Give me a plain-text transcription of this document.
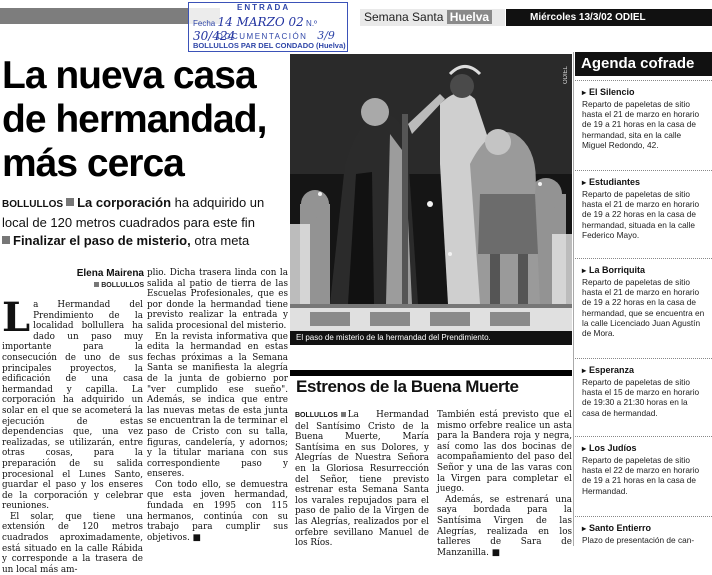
Semana Santa Huelva	Miércoles 13/3/02 ODIEL INFORMACIÓN 13
ENTRADA
Fecha 14 MARZO 02 N.º 30/424
DOCUMENTACIÓN 3/9
BOLLULLOS PAR DEL CONDADO (Huelva)
La nueva casa de hermandad, más cerca
BOLLULLOS La corporación ha adquirido un local de 120 metros cuadrados para este fin
Finalizar el paso de misterio, otra meta
Elena Mairena
BOLLULLOS

La Hermandad del Prendimiento de la localidad bollullera ha dado un paso muy importante para la consecución de uno de sus principales proyectos, la edificación de una casa hermandad y capilla. La corporación ha adquirido un solar en el que se acometerá la ejecución de estas dependencias que, una vez realizadas, se utilizarán, entre otras cosas, para la preparación de su salida procesional el Lunes Santo, guardar el paso y los enseres de la corporación y celebrar reuniones.

El solar, que tiene una extensión de 120 metros cuadrados aproximadamente, está situado en la calle Rábida y corresponde a la trasera de un local más am-

plio. Dicha trasera linda con la salida al patio de tierra de las Escuelas Profesionales, que es por donde la hermandad tiene previsto realizar la entrada y salida procesional del misterio.

En la revista informativa que edita la hermandad en estas fechas próximas a la Semana Santa se manifiesta la alegría de la junta de gobierno por "ver cumplido ese sueño". Además, se indica que entre las nuevas metas de esta junta se encuentran la de terminar el paso de Cristo con su talla, figuras, candelería, y adornos; y la titular mariana con sus correspondiente paso y enseres.

Con todo ello, se demuestra que esta joven hermandad, fundada en 1995 con 115 hermanos, continúa con su trabajo para cumplir sus objetivos. ■

ODIEL
El paso de misterio de la hermandad del Prendimiento.
Estrenos de la Buena Muerte

BOLLULLOS La Hermandad del Santísimo Cristo de la Buena Muerte, María Santísima en sus Dolores, y Alegrías de Nuestra Señora en la Gloriosa Resurrección del Señor, tiene previsto estrenar esta Semana Santa los varales repujados para el paso de palio de la Virgen de las Alegrías, realizados por el orfebre sevillano Manuel de los Ríos.

También está previsto que el mismo orfebre realice un asta para la Bandera roja y negra, así como las dos bocinas de acompañamiento del paso del Señor y una de las varas con la Virgen para completar el juego.

Además, se estrenará una saya bordada para la Santísima Virgen de las Alegrías, realizada en los talleres de Sara de Manzanilla. ■

Agenda cofrade
▸ El Silencio
Reparto de papeletas de sitio hasta el 21 de marzo en horario de 19 a 21 horas en la casa de hermandad, sita en la calle Miguel Redondo, 42.
▸ Estudiantes
Reparto de papeletas de sitio hasta el 21 de marzo en horario de 19 a 22 horas en la casa de hermandad, situada en la calle Federico Mayo.
▸ La Borriquita
Reparto de papeletas de sitio hasta el 21 de marzo en horario de 19 a 22 horas en la casa de hermandad, que se encuentra en la calle Licenciado Juan Agustín de Mora.
▸ Esperanza
Reparto de papeletas de sitio hasta el 15 de marzo en horario de 19:30 a 21:30 horas en la casa de hermandad.
▸ Los Judíos
Reparto de papeletas de sitio hasta el 22 de marzo en horario de 19 a 21 horas en la casa de Hermandad.
▸ Santo Entierro
Plazo de presentación de can-
